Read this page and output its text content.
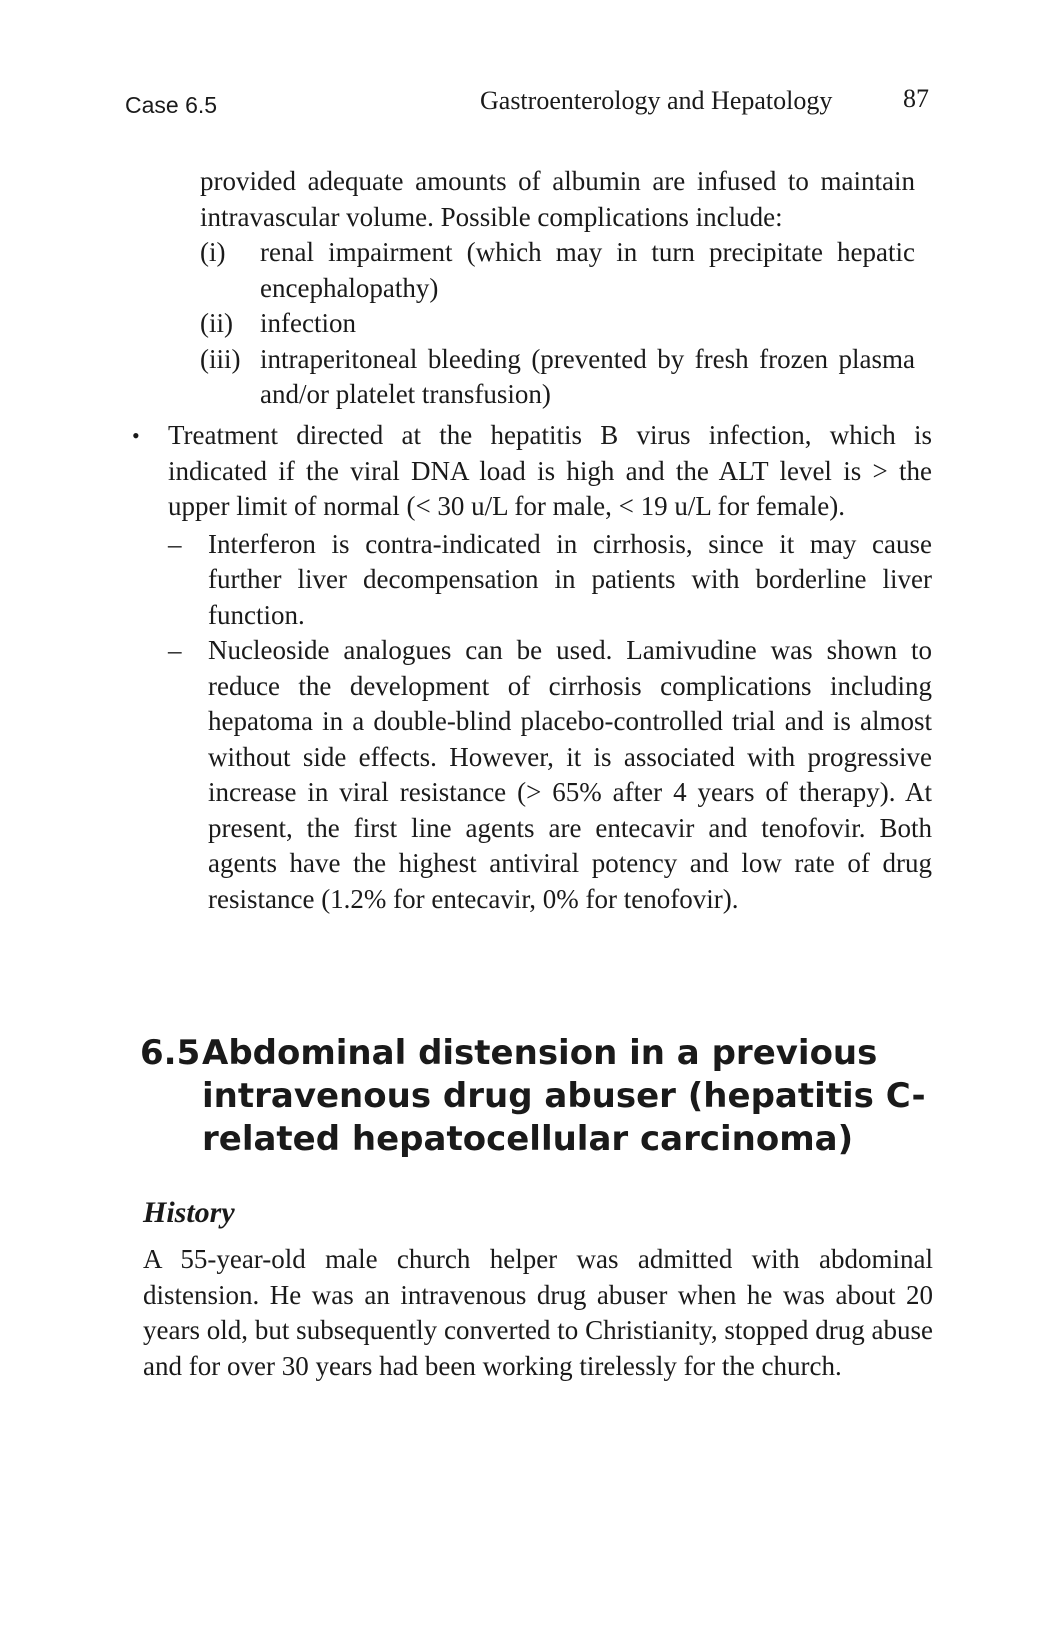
Case 6.5	Gastroenterology and Hepatology	87
provided adequate amounts of albumin are infused to maintain intravascular volume. Possible complications include:
(i) renal impairment (which may in turn precipitate hepatic encephalopathy)
(ii) infection
(iii) intraperitoneal bleeding (prevented by fresh frozen plasma and/or platelet transfusion)
• Treatment directed at the hepatitis B virus infection, which is indicated if the viral DNA load is high and the ALT level is > the upper limit of normal (< 30 u/L for male, < 19 u/L for female).
– Interferon is contra-indicated in cirrhosis, since it may cause further liver decompensation in patients with borderline liver function.
– Nucleoside analogues can be used. Lamivudine was shown to reduce the development of cirrhosis complications including hepatoma in a double-blind placebo-controlled trial and is almost without side effects. However, it is associated with progressive increase in viral resistance (> 65% after 4 years of therapy). At present, the first line agents are entecavir and tenofovir. Both agents have the highest antiviral potency and low rate of drug resistance (1.2% for entecavir, 0% for tenofovir).
6.5 Abdominal distension in a previous intravenous drug abuser (hepatitis C-related hepatocellular carcinoma)
History
A 55-year-old male church helper was admitted with abdominal distension. He was an intravenous drug abuser when he was about 20 years old, but subsequently converted to Christianity, stopped drug abuse and for over 30 years had been working tirelessly for the church.
